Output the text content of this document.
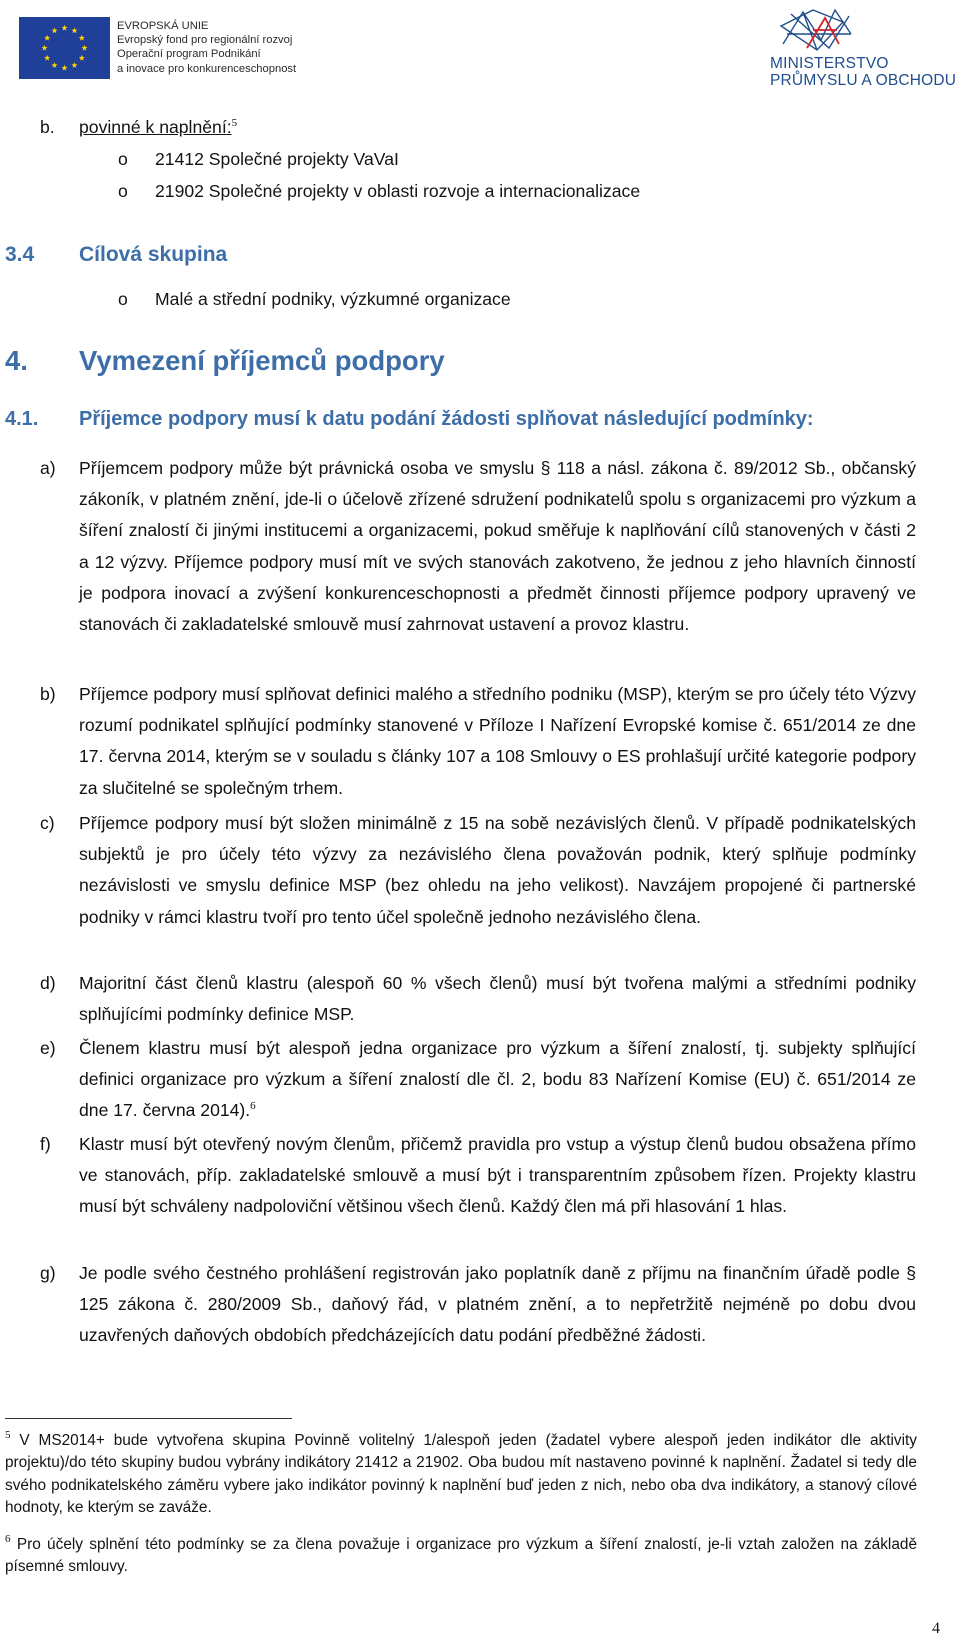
EVROPSKÁ UNIE
Evropský fond pro regionální rozvoj
Operační program Podnikání
a inovace pro konkurenceschopnost	MINISTERSTVO
PRŮMYSLU A OBCHODU
b. povinné k naplnění:$^5$
o 21412 Společné projekty VaVaI
o 21902 Společné projekty v oblasti rozvoje a internacionalizace
3.4 Cílová skupina
o Malé a střední podniky, výzkumné organizace
4. Vymezení příjemců podpory
4.1. Příjemce podpory musí k datu podání žádosti splňovat následující podmínky:
a) Příjemcem podpory může být právnická osoba ve smyslu § 118 a násl. zákona č. 89/2012 Sb., občanský zákoník, v platném znění, jde-li o účelově zřízené sdružení podnikatelů spolu s organizacemi pro výzkum a šíření znalostí či jinými institucemi a organizacemi, pokud směřuje k naplňování cílů stanovených v části 2 a 12 výzvy. Příjemce podpory musí mít ve svých stanovách zakotveno, že jednou z jeho hlavních činností je podpora inovací a zvýšení konkurenceschopnosti a předmět činnosti příjemce podpory upravený ve stanovách či zakladatelské smlouvě musí zahrnovat ustavení a provoz klastru.
b) Příjemce podpory musí splňovat definici malého a středního podniku (MSP), kterým se pro účely této Výzvy rozumí podnikatel splňující podmínky stanovené v Příloze I Nařízení Evropské komise č. 651/2014 ze dne 17. června 2014, kterým se v souladu s články 107 a 108 Smlouvy o ES prohlašují určité kategorie podpory za slučitelné se společným trhem.
c) Příjemce podpory musí být složen minimálně z 15 na sobě nezávislých členů. V případě podnikatelských subjektů je pro účely této výzvy za nezávislého člena považován podnik, který splňuje podmínky nezávislosti ve smyslu definice MSP (bez ohledu na jeho velikost). Navzájem propojené či partnerské podniky v rámci klastru tvoří pro tento účel společně jednoho nezávislého člena.
d) Majoritní část členů klastru (alespoň 60 % všech členů) musí být tvořena malými a středními podniky splňujícími podmínky definice MSP.
e) Členem klastru musí být alespoň jedna organizace pro výzkum a šíření znalostí, tj. subjekty splňující definici organizace pro výzkum a šíření znalostí dle čl. 2, bodu 83 Nařízení Komise (EU) č. 651/2014 ze dne 17. června 2014).$^6$
f) Klastr musí být otevřený novým členům, přičemž pravidla pro vstup a výstup členů budou obsažena přímo ve stanovách, příp. zakladatelské smlouvě a musí být i transparentním způsobem řízen. Projekty klastru musí být schváleny nadpoloviční většinou všech členů. Každý člen má při hlasování 1 hlas.
g) Je podle svého čestného prohlášení registrován jako poplatník daně z příjmu na finančním úřadě podle § 125 zákona č. 280/2009 Sb., daňový řád, v platném znění, a to nepřetržitě nejméně po dobu dvou uzavřených daňových obdobích předcházejících datu podání předběžné žádosti.
$^5$ V MS2014+ bude vytvořena skupina Povinně volitelný 1/alespoň jeden (žadatel vybere alespoň jeden indikátor dle aktivity projektu)/do této skupiny budou vybrány indikátory 21412 a 21902. Oba budou mít nastaveno povinné k naplnění. Žadatel si tedy dle svého podnikatelského záměru vybere jako indikátor povinný k naplnění buď jeden z nich, nebo oba dva indikátory, a stanový cílové hodnoty, ke kterým se zaváže.
$^6$ Pro účely splnění této podmínky se za člena považuje i organizace pro výzkum a šíření znalostí, je-li vztah založen na základě písemné smlouvy.
4
